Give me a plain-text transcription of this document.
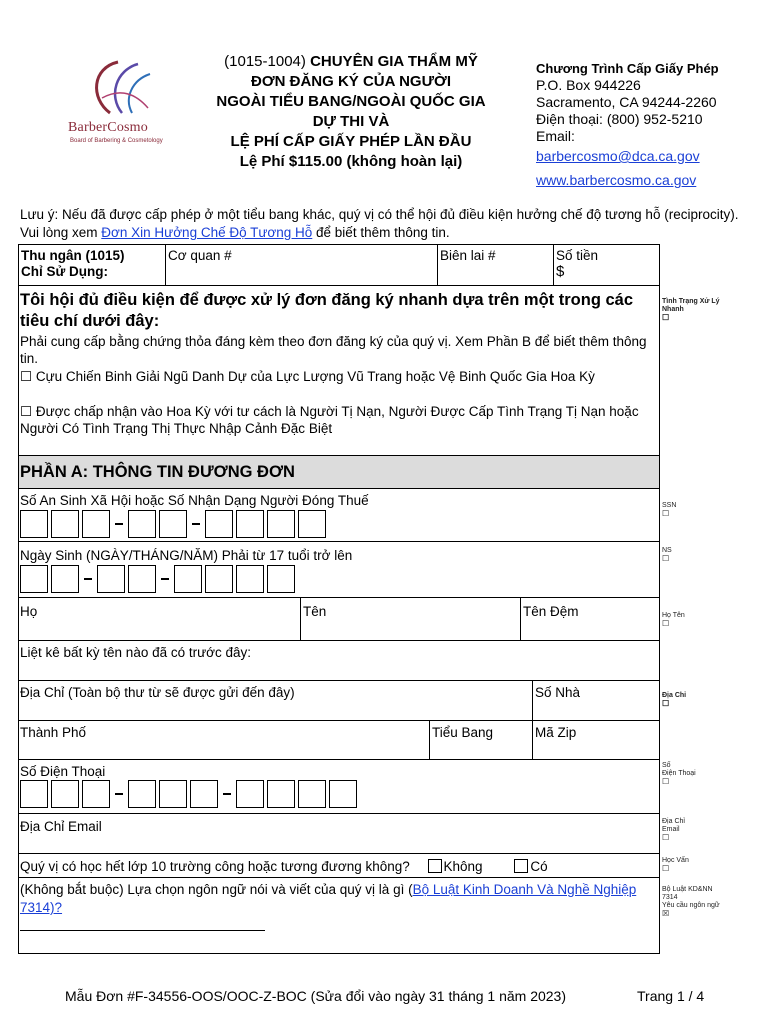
BarberCosmo
Board of Barbering & Cosmetology
(1015-1004) CHUYÊN GIA THẨM MỸ
ĐƠN ĐĂNG KÝ CỦA NGƯỜI
NGOÀI TIỂU BANG/NGOÀI QUỐC GIA
DỰ THI VÀ
LỆ PHÍ CẤP GIẤY PHÉP LẦN ĐẦU
Lệ Phí $115.00 (không hoàn lại)
Chương Trình Cấp Giấy Phép
P.O. Box 944226
Sacramento, CA 94244-2260
Điện thoại: (800) 952-5210
Email:
barbercosmo@dca.ca.gov
www.barbercosmo.ca.gov
Lưu ý: Nếu đã được cấp phép ở một tiểu bang khác, quý vị có thể hội đủ điều kiện hưởng chế độ tương hỗ (reciprocity). Vui lòng xem Đơn Xin Hưởng Chế Độ Tương Hỗ để biết thêm thông tin.
Thu ngân (1015)
Chỉ Sử Dụng:
Cơ quan #	Biên lai #	Số tiền
$
Tôi hội đủ điều kiện để được xử lý đơn đăng ký nhanh dựa trên một trong các tiêu chí dưới đây:
Phải cung cấp bằng chứng thỏa đáng kèm theo đơn đăng ký của quý vị. Xem Phần B để biết thêm thông tin.
☐ Cựu Chiến Binh Giải Ngũ Danh Dự của Lực Lượng Vũ Trang hoặc Vệ Binh Quốc Gia Hoa Kỳ
☐ Được chấp nhận vào Hoa Kỳ với tư cách là Người Tị Nạn, Người Được Cấp Tình Trạng Tị Nạn hoặc Người Có Tình Trạng Thị Thực Nhập Cảnh Đặc Biệt
Tình Trạng Xử Lý Nhanh
☐
PHẦN A: THÔNG TIN ĐƯƠNG ĐƠN
Số An Sinh Xã Hội hoặc Số Nhận Dạng Người Đóng Thuế	SSN
☐
Ngày Sinh (NGÀY/THÁNG/NĂM) Phải từ 17 tuổi trở lên	NS
☐
Họ	Tên	Tên Đệm	Họ Tên
☐
Liệt kê bất kỳ tên nào đã có trước đây:
Địa Chỉ (Toàn bộ thư từ sẽ được gửi đến đây)	Số Nhà	Địa Chỉ
☐
Thành Phố	Tiểu Bang	Mã Zip
Số Điện Thoại	Số
Điện Thoại
☐
Địa Chỉ Email	Địa Chỉ
Email
☐
Quý vị có học hết lớp 10 trường công hoặc tương đương không?	Không	Có	Học Vấn
☐
(Không bắt buộc) Lựa chọn ngôn ngữ nói và viết của quý vị là gì (Bộ Luật Kinh Doanh Và Nghề Nghiệp 7314)?
Bộ Luật KD&NN
7314
Yêu cầu ngôn ngữ
☒
Mẫu Đơn #F-34556-OOS/OOC-Z-BOC (Sửa đổi vào ngày 31 tháng 1 năm 2023)	Trang 1 / 4
